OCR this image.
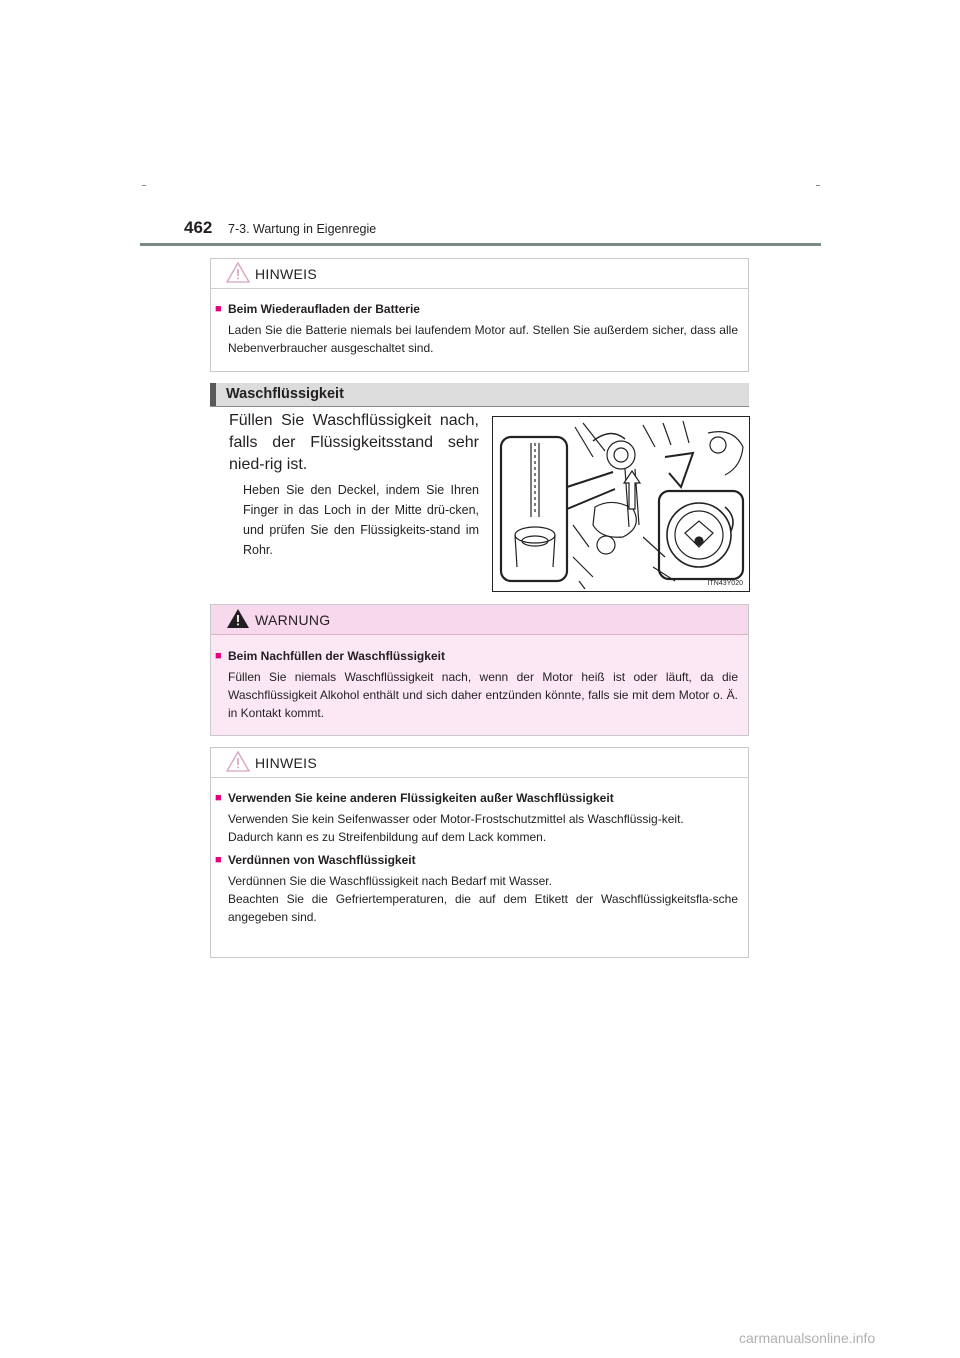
462 7-3. Wartung in Eigenregie
HINWEIS
■ Beim Wiederaufladen der Batterie
Laden Sie die Batterie niemals bei laufendem Motor auf. Stellen Sie außerdem sicher, dass alle Nebenverbraucher ausgeschaltet sind.
Waschflüssigkeit
Füllen Sie Waschflüssigkeit nach, falls der Flüssigkeitsstand sehr nied-rig ist.
Heben Sie den Deckel, indem Sie Ihren Finger in das Loch in der Mitte drü-cken, und prüfen Sie den Flüssigkeits-stand im Rohr.
ITN43Y020
WARNUNG
■ Beim Nachfüllen der Waschflüssigkeit
Füllen Sie niemals Waschflüssigkeit nach, wenn der Motor heiß ist oder läuft, da die Waschflüssigkeit Alkohol enthält und sich daher entzünden könnte, falls sie mit dem Motor o. Ä. in Kontakt kommt.
HINWEIS
■ Verwenden Sie keine anderen Flüssigkeiten außer Waschflüssigkeit
Verwenden Sie kein Seifenwasser oder Motor-Frostschutzmittel als Waschflüssig-keit.
Dadurch kann es zu Streifenbildung auf dem Lack kommen.
■ Verdünnen von Waschflüssigkeit
Verdünnen Sie die Waschflüssigkeit nach Bedarf mit Wasser.
Beachten Sie die Gefriertemperaturen, die auf dem Etikett der Waschflüssigkeitsfla-sche angegeben sind.
carmanualsonline.info
